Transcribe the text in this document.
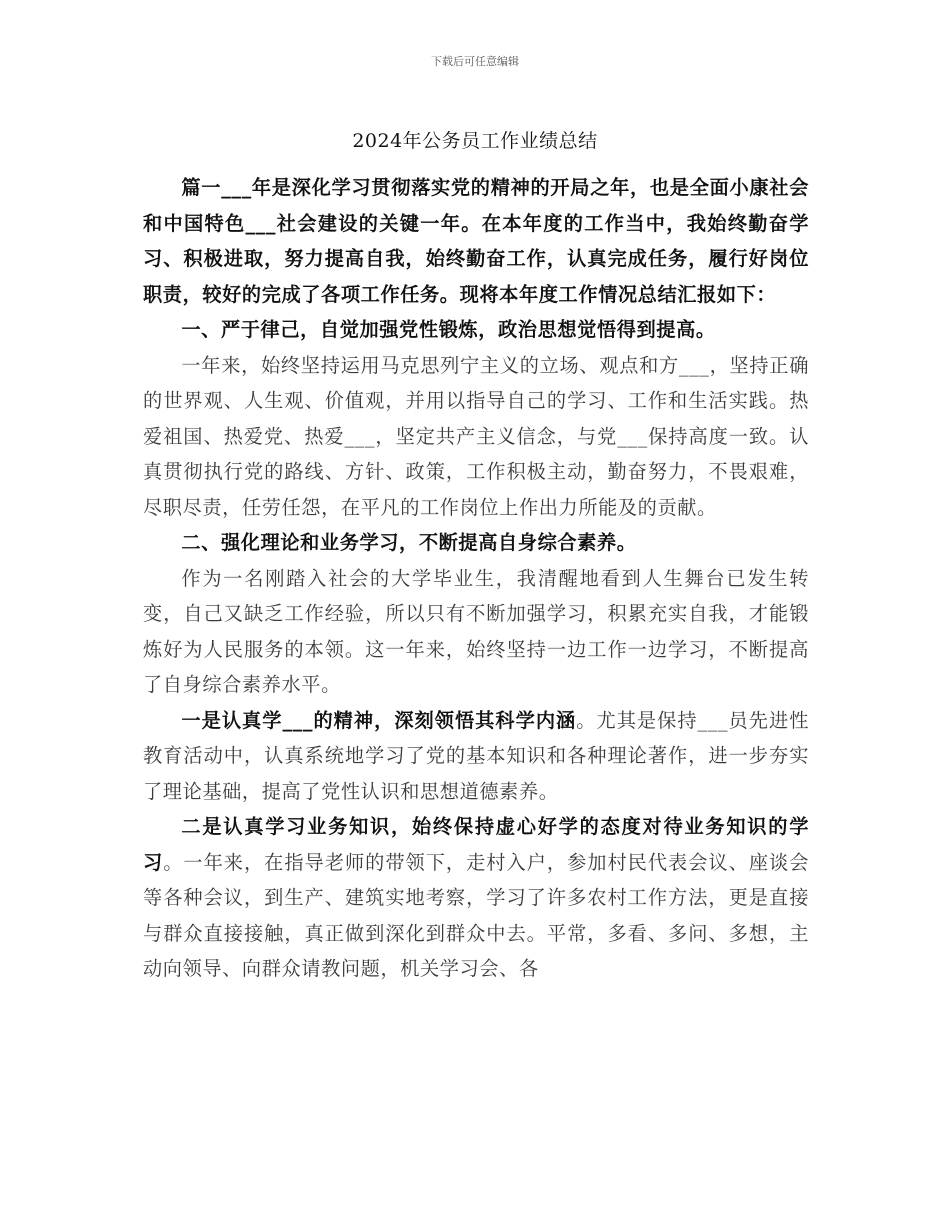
下载后可任意编辑
2024年公务员工作业绩总结

篇一___年是深化学习贯彻落实党的精神的开局之年，也是全面小康社会和中国特色___社会建设的关键一年。在本年度的工作当中，我始终勤奋学习、积极进取，努力提高自我，始终勤奋工作，认真完成任务，履行好岗位职责，较好的完成了各项工作任务。现将本年度工作情况总结汇报如下：

一、严于律己，自觉加强党性锻炼，政治思想觉悟得到提高。

一年来，始终坚持运用马克思列宁主义的立场、观点和方___，坚持正确的世界观、人生观、价值观，并用以指导自己的学习、工作和生活实践。热爱祖国、热爱党、热爱___，坚定共产主义信念，与党___保持高度一致。认真贯彻执行党的路线、方针、政策，工作积极主动，勤奋努力，不畏艰难，尽职尽责，任劳任怨，在平凡的工作岗位上作出力所能及的贡献。

二、强化理论和业务学习，不断提高自身综合素养。

作为一名刚踏入社会的大学毕业生，我清醒地看到人生舞台已发生转变，自己又缺乏工作经验，所以只有不断加强学习，积累充实自我，才能锻炼好为人民服务的本领。这一年来，始终坚持一边工作一边学习，不断提高了自身综合素养水平。

一是认真学___的精神，深刻领悟其科学内涵。尤其是保持___员先进性教育活动中，认真系统地学习了党的基本知识和各种理论著作，进一步夯实了理论基础，提高了党性认识和思想道德素养。

二是认真学习业务知识，始终保持虚心好学的态度对待业务知识的学习。一年来，在指导老师的带领下，走村入户，参加村民代表会议、座谈会等各种会议，到生产、建筑实地考察，学习了许多农村工作方法，更是直接与群众直接接触，真正做到深化到群众中去。平常，多看、多问、多想，主动向领导、向群众请教问题，机关学习会、各
